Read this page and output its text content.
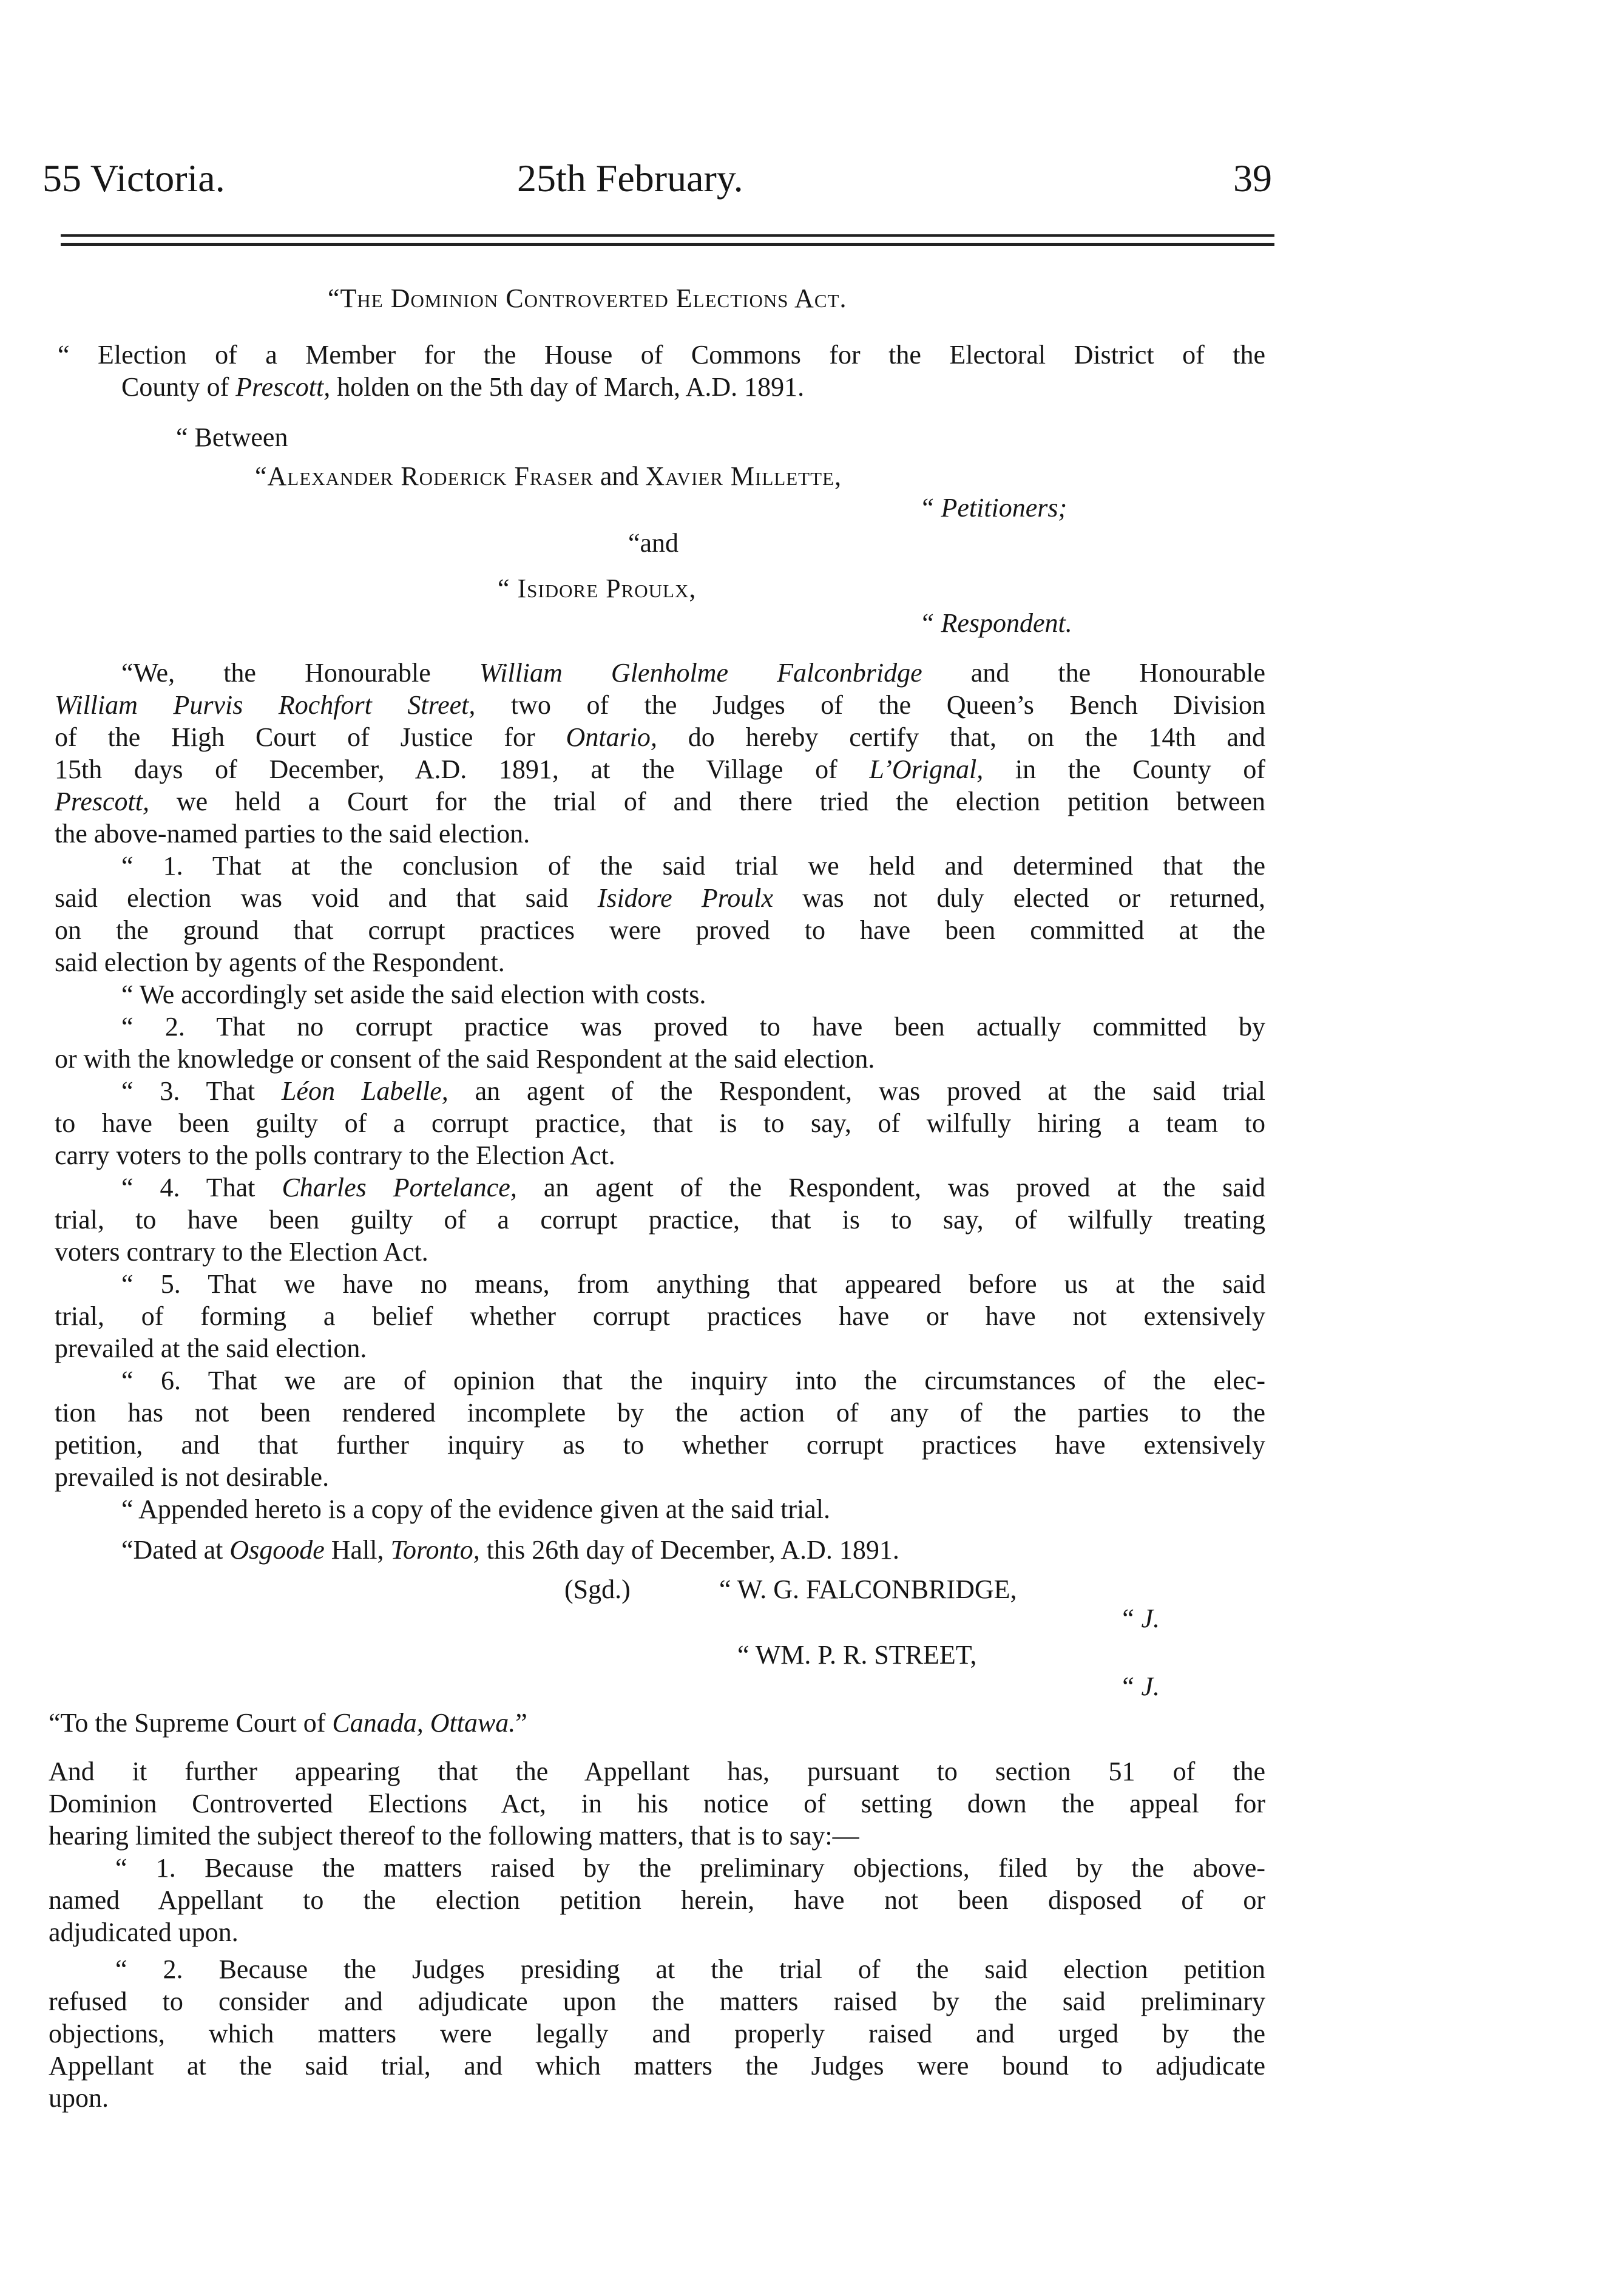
55 Victoria.	25th February.	39
“The Dominion Controverted Elections Act.
“ Election of a Member for the House of Commons for the Electoral District of the
County of Prescott, holden on the 5th day of March, A.D. 1891.
“ Between
“Alexander Roderick Fraser and Xavier Millette,
“ Petitioners;
“and
“ Isidore Proulx,
“ Respondent.
“We, the Honourable William Glenholme Falconbridge and the Honourable
William Purvis Rochfort Street, two of the Judges of the Queen’s Bench Division
of the High Court of Justice for Ontario, do hereby certify that, on the 14th and
15th days of December, A.D. 1891, at the Village of L’Orignal, in the County of
Prescott, we held a Court for the trial of and there tried the election petition between
the above-named parties to the said election.
“ 1. That at the conclusion of the said trial we held and determined that the
said election was void and that said Isidore Proulx was not duly elected or returned,
on the ground that corrupt practices were proved to have been committed at the
said election by agents of the Respondent.
“ We accordingly set aside the said election with costs.
“ 2. That no corrupt practice was proved to have been actually committed by
or with the knowledge or consent of the said Respondent at the said election.
“ 3. That Léon Labelle, an agent of the Respondent, was proved at the said trial
to have been guilty of a corrupt practice, that is to say, of wilfully hiring a team to
carry voters to the polls contrary to the Election Act.
“ 4. That Charles Portelance, an agent of the Respondent, was proved at the said
trial, to have been guilty of a corrupt practice, that is to say, of wilfully treating
voters contrary to the Election Act.
“ 5. That we have no means, from anything that appeared before us at the said
trial, of forming a belief whether corrupt practices have or have not extensively
prevailed at the said election.
“ 6. That we are of opinion that the inquiry into the circumstances of the elec-
tion has not been rendered incomplete by the action of any of the parties to the
petition, and that further inquiry as to whether corrupt practices have extensively
prevailed is not desirable.
“ Appended hereto is a copy of the evidence given at the said trial.
“Dated at Osgoode Hall, Toronto, this 26th day of December, A.D. 1891.
(Sgd.)	“ W. G. FALCONBRIDGE,
“ J.
“ WM. P. R. STREET,
“ J.
“To the Supreme Court of Canada, Ottawa.”
And it further appearing that the Appellant has, pursuant to section 51 of the
Dominion Controverted Elections Act, in his notice of setting down the appeal for
hearing limited the subject thereof to the following matters, that is to say:—
“ 1. Because the matters raised by the preliminary objections, filed by the above-
named Appellant to the election petition herein, have not been disposed of or
adjudicated upon.
“ 2. Because the Judges presiding at the trial of the said election petition
refused to consider and adjudicate upon the matters raised by the said preliminary
objections, which matters were legally and properly raised and urged by the
Appellant at the said trial, and which matters the Judges were bound to adjudicate
upon.
